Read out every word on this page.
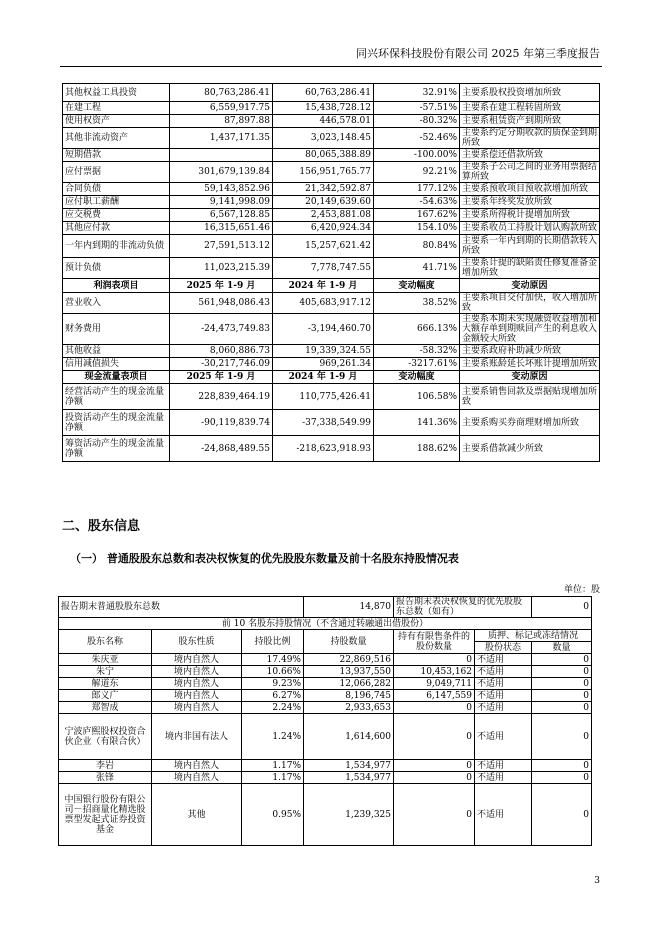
同兴环保科技股份有限公司 2025 年第三季度报告
其他权益工具投资	80,763,286.41	60,763,286.41	32.91%	主要系股权投资增加所致
在建工程	6,559,917.75	15,438,728.12	-57.51%	主要系在建工程转固所致
使用权资产	87,897.88	446,578.01	-80.32%	主要系租赁资产到期所致
其他非流动资产	1,437,171.35	3,023,148.45	-52.46%	主要系约定分期收款的质保金到期所致
短期借款		80,065,388.89	-100.00%	主要系偿还借款所致
应付票据	301,679,139.84	156,951,765.77	92.21%	主要系子公司之间的业务用票据结算所致
合同负债	59,143,852.96	21,342,592.87	177.12%	主要系预收项目预收款增加所致
应付职工薪酬	9,141,998.09	20,149,639.60	-54.63%	主要系年终奖发放所致
应交税费	6,567,128.85	2,453,881.08	167.62%	主要系所得税计提增加所致
其他应付款	16,315,651.46	6,420,924.34	154.10%	主要系收员工持股计划认购款所致
一年内到期的非流动负债	27,591,513.12	15,257,621.42	80.84%	主要系一年内到期的长期借款转入所致
预计负债	11,023,215.39	7,778,747.55	41.71%	主要系计提的缺陷责任修复准备金增加所致
利润表项目	2025 年 1-9 月	2024 年 1-9 月	变动幅度	变动原因
营业收入	561,948,086.43	405,683,917.12	38.52%	主要系项目交付加快，收入增加所致
财务费用	-24,473,749.83	-3,194,460.70	666.13%	主要系本期未实现融资收益增加和大额存单到期赎回产生的利息收入金额较大所致
其他收益	8,060,886.73	19,339,324.55	-58.32%	主要系政府补助减少所致
信用减值损失	-30,217,746.09	969,261.34	-3217.61%	主要系账龄延长坏账计提增加所致
现金流量表项目	2025 年 1-9 月	2024 年 1-9 月	变动幅度	变动原因
经营活动产生的现金流量净额	228,839,464.19	110,775,426.41	106.58%	主要系销售回款及票据贴现增加所致
投资活动产生的现金流量净额	-90,119,839.74	-37,338,549.99	141.36%	主要系购买券商理财增加所致
筹资活动产生的现金流量净额	-24,868,489.55	-218,623,918.93	188.62%	主要系借款减少所致
二、股东信息
（一） 普通股股东总数和表决权恢复的优先股股东数量及前十名股东持股情况表
单位：股
报告期末普通股股东总数			14,870	报告期末表决权恢复的优先股股东总数（如有）		0
前 10 名股东持股情况（不含通过转融通出借股份）						
股东名称	股东性质	持股比例	持股数量	持有有限售条件的股份数量	质押、标记或冻结情况	
					股份状态	数量
朱庆亚	境内自然人	17.49%	22,869,516	0	不适用	0
朱宁	境内自然人	10.66%	13,937,550	10,453,162	不适用	0
解道东	境内自然人	9.23%	12,066,282	9,049,711	不适用	0
郎义广	境内自然人	6.27%	8,196,745	6,147,559	不适用	0
郑智成	境内自然人	2.24%	2,933,653	0	不适用	0
宁波庐熙股权投资合伙企业（有限合伙）	境内非国有法人	1.24%	1,614,600	0	不适用	0
李岩	境内自然人	1.17%	1,534,977	0	不适用	0
张锋	境内自然人	1.17%	1,534,977	0	不适用	0
中国银行股份有限公司－招商量化精选股票型发起式证券投资基金	其他	0.95%	1,239,325	0	不适用	0
3
